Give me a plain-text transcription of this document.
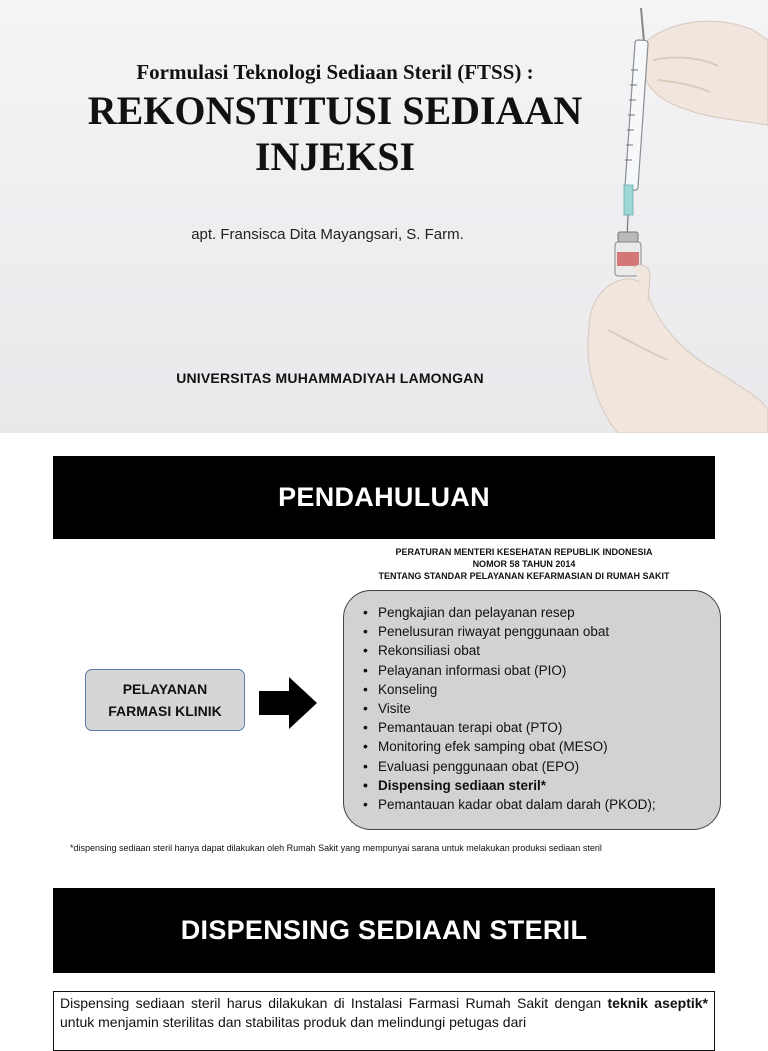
Formulasi Teknologi Sediaan Steril (FTSS) :
REKONSTITUSI SEDIAAN
INJEKSI
apt. Fransisca Dita Mayangsari, S. Farm.
UNIVERSITAS MUHAMMADIYAH LAMONGAN
PENDAHULUAN
PERATURAN MENTERI KESEHATAN REPUBLIK INDONESIA
NOMOR 58 TAHUN 2014
TENTANG STANDAR PELAYANAN KEFARMASIAN DI RUMAH SAKIT
PELAYANAN
FARMASI KLINIK
• Pengkajian dan pelayanan resep
• Penelusuran riwayat penggunaan obat
• Rekonsiliasi obat
• Pelayanan informasi obat (PIO)
• Konseling
• Visite
• Pemantauan terapi obat (PTO)
• Monitoring efek samping obat (MESO)
• Evaluasi penggunaan obat (EPO)
• Dispensing sediaan steril*
• Pemantauan kadar obat dalam darah (PKOD);
*dispensing sediaan steril hanya dapat dilakukan oleh Rumah Sakit yang mempunyai sarana untuk melakukan produksi sediaan steril
DISPENSING SEDIAAN STERIL
Dispensing sediaan steril harus dilakukan di Instalasi Farmasi Rumah Sakit dengan teknik aseptik* untuk menjamin sterilitas dan stabilitas produk dan melindungi petugas dari
